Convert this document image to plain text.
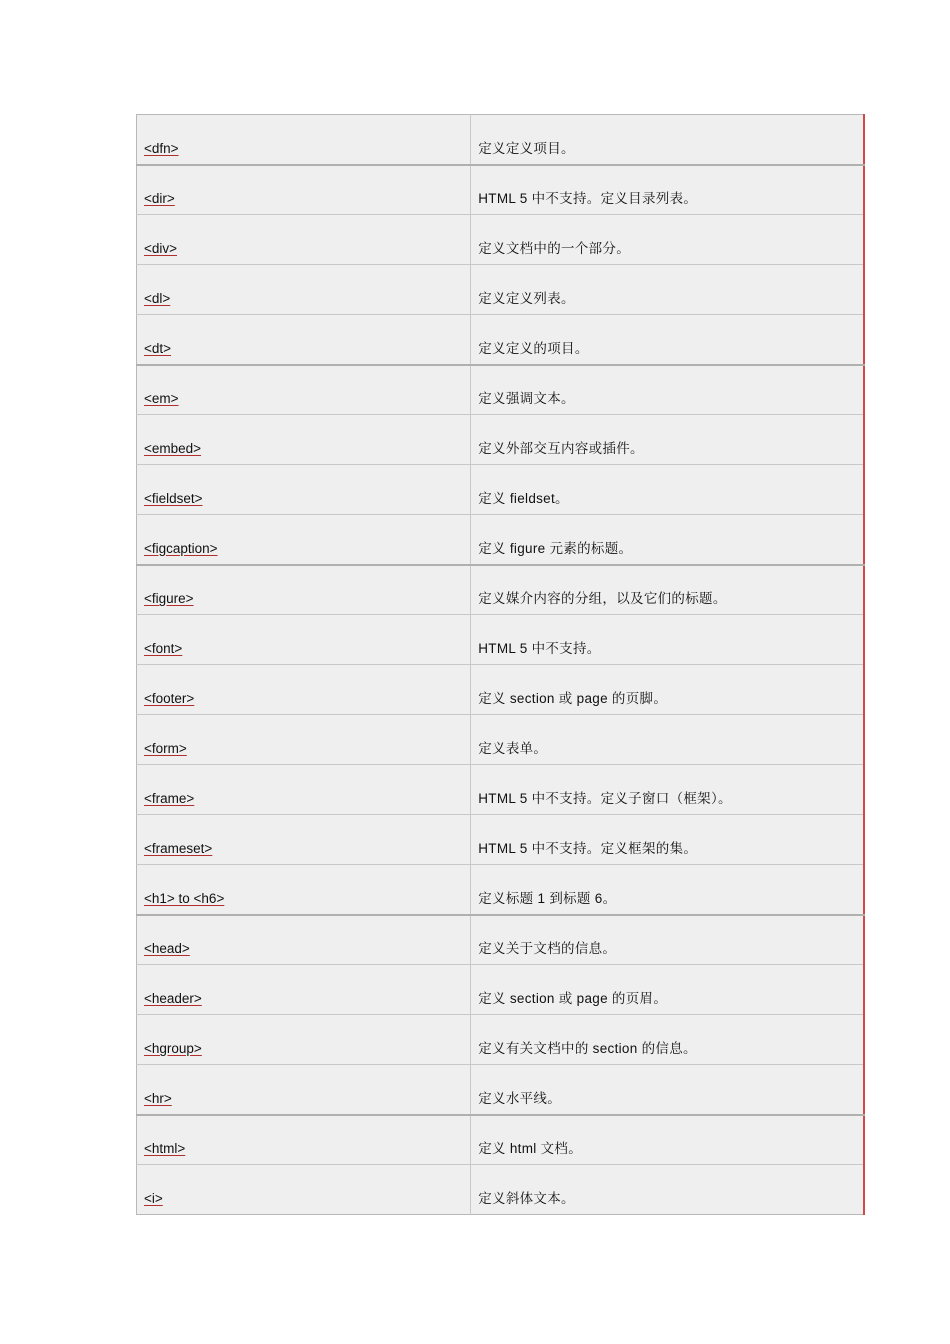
<dfn>	定义定义项目。
<dir>	HTML 5 中不支持。定义目录列表。
<div>	定义文档中的一个部分。
<dl>	定义定义列表。
<dt>	定义定义的项目。
<em>	定义强调文本。
<embed>	定义外部交互内容或插件。
<fieldset>	定义 fieldset。
<figcaption>	定义 figure 元素的标题。
<figure>	定义媒介内容的分组，以及它们的标题。
<font>	HTML 5 中不支持。
<footer>	定义 section 或 page 的页脚。
<form>	定义表单。
<frame>	HTML 5 中不支持。定义子窗口（框架）。
<frameset>	HTML 5 中不支持。定义框架的集。
<h1> to <h6>	定义标题 1 到标题 6。
<head>	定义关于文档的信息。
<header>	定义 section 或 page 的页眉。
<hgroup>	定义有关文档中的 section 的信息。
<hr>	定义水平线。
<html>	定义 html 文档。
<i>	定义斜体文本。
